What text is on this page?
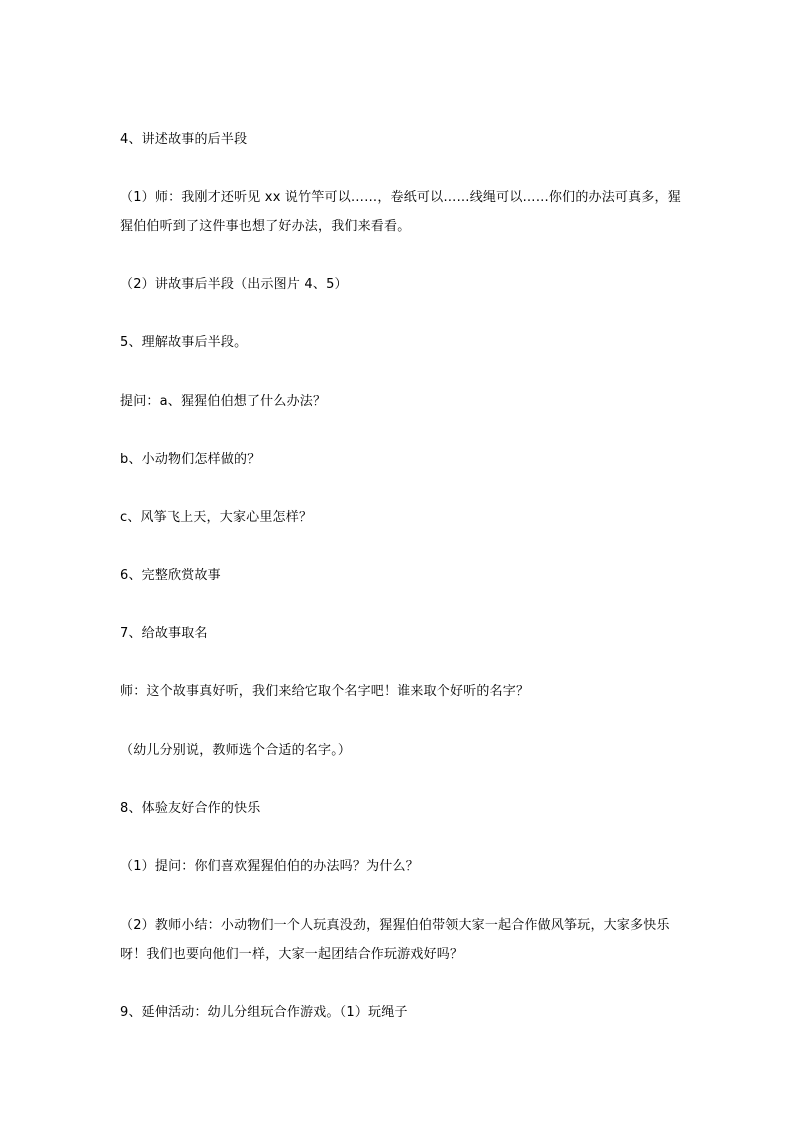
4、讲述故事的后半段
（1）师：我刚才还听见 xx 说竹竿可以……，卷纸可以……线绳可以……你们的办法可真多，猩
猩伯伯听到了这件事也想了好办法，我们来看看。
（2）讲故事后半段（出示图片 4、5）
5、理解故事后半段。
提问：a、猩猩伯伯想了什么办法？
b、小动物们怎样做的？
c、风筝飞上天，大家心里怎样？
6、完整欣赏故事
7、给故事取名
师：这个故事真好听，我们来给它取个名字吧！谁来取个好听的名字？
（幼儿分别说，教师选个合适的名字。）
8、体验友好合作的快乐
（1）提问：你们喜欢猩猩伯伯的办法吗？为什么？
（2）教师小结：小动物们一个人玩真没劲，猩猩伯伯带领大家一起合作做风筝玩，大家多快乐
呀！我们也要向他们一样，大家一起团结合作玩游戏好吗？
9、延伸活动：幼儿分组玩合作游戏。（1）玩绳子
